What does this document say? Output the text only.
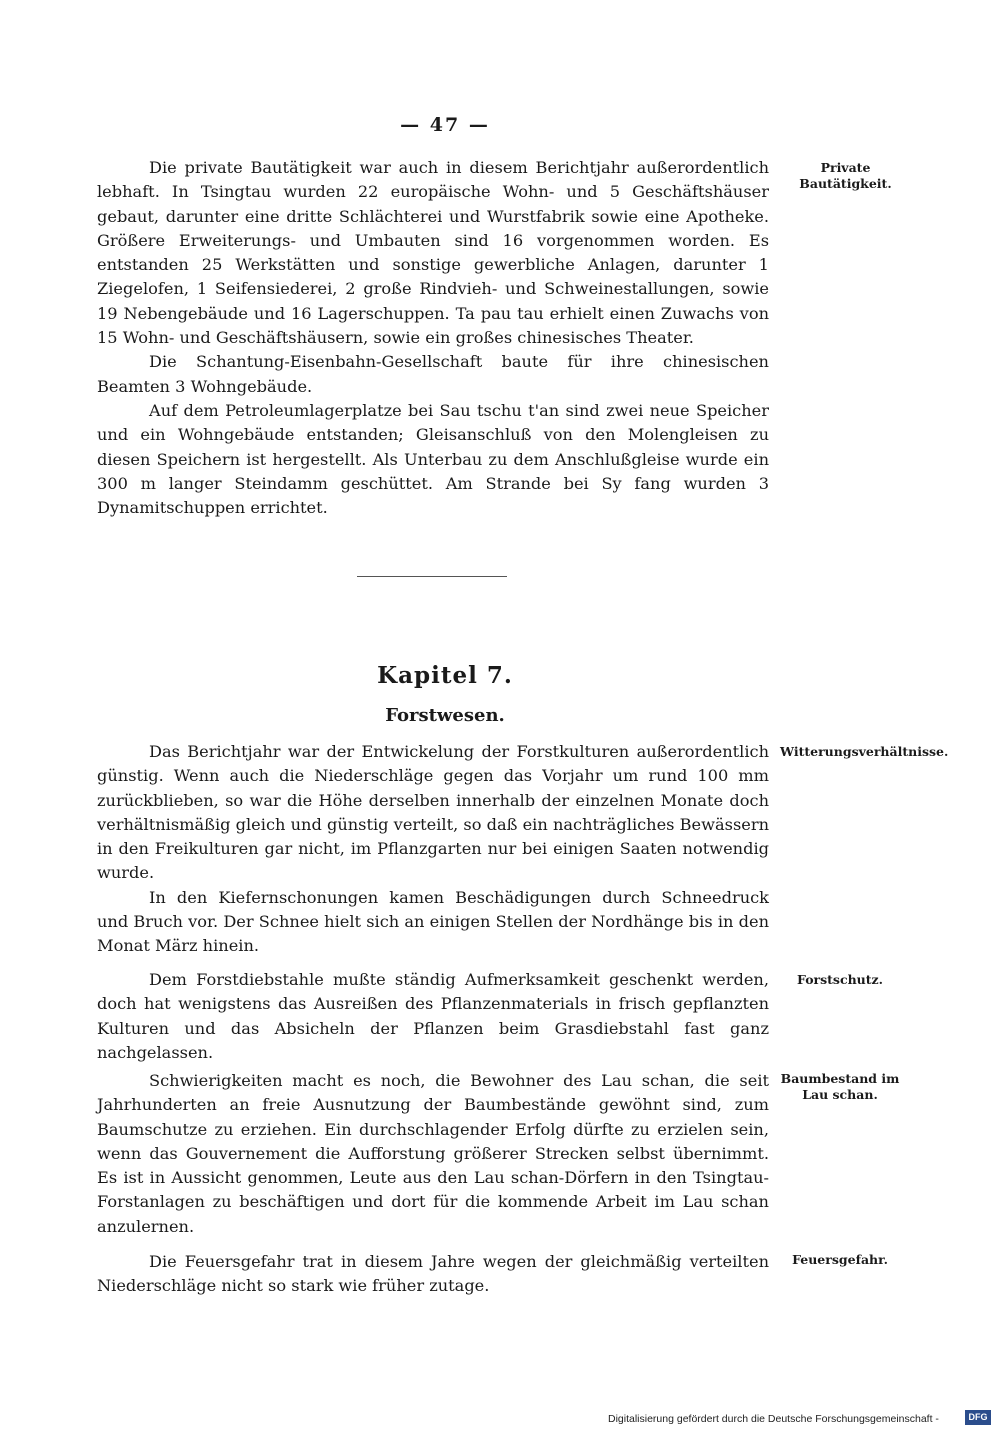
— 47 —

Die private Bautätigkeit war auch in diesem Berichtjahr außerordentlich lebhaft. In Tsingtau wurden 22 europäische Wohn- und 5 Geschäftshäuser gebaut, darunter eine dritte Schlächterei und Wurstfabrik sowie eine Apotheke. Größere Erweiterungs- und Umbauten sind 16 vorgenommen worden. Es entstanden 25 Werkstätten und sonstige gewerbliche Anlagen, darunter 1 Ziegelofen, 1 Seifensiederei, 2 große Rindvieh- und Schweinestallungen, sowie 19 Nebengebäude und 16 Lagerschuppen. Ta pau tau erhielt einen Zuwachs von 15 Wohn- und Geschäftshäusern, sowie ein großes chinesisches Theater.

Die Schantung-Eisenbahn-Gesellschaft baute für ihre chinesischen Beamten 3 Wohngebäude.

Auf dem Petroleumlagerplatze bei Sau tschu t'an sind zwei neue Speicher und ein Wohngebäude entstanden; Gleisanschluß von den Molengleisen zu diesen Speichern ist hergestellt. Als Unterbau zu dem Anschlußgleise wurde ein 300 m langer Steindamm geschüttet. Am Strande bei Sy fang wurden 3 Dynamitschuppen errichtet.

Private Bautätigkeit.
Kapitel 7.
Forstwesen.

Das Berichtjahr war der Entwickelung der Forstkulturen außerordentlich günstig. Wenn auch die Niederschläge gegen das Vorjahr um rund 100 mm zurückblieben, so war die Höhe derselben innerhalb der einzelnen Monate doch verhältnismäßig gleich und günstig verteilt, so daß ein nachträgliches Bewässern in den Freikulturen gar nicht, im Pflanzgarten nur bei einigen Saaten notwendig wurde.

In den Kiefernschonungen kamen Beschädigungen durch Schneedruck und Bruch vor. Der Schnee hielt sich an einigen Stellen der Nordhänge bis in den Monat März hinein.

Witterungsverhältnisse.

Dem Forstdiebstahle mußte ständig Aufmerksamkeit geschenkt werden, doch hat wenigstens das Ausreißen des Pflanzenmaterials in frisch gepflanzten Kulturen und das Absicheln der Pflanzen beim Grasdiebstahl fast ganz nachgelassen.

Forstschutz.

Schwierigkeiten macht es noch, die Bewohner des Lau schan, die seit Jahrhunderten an freie Ausnutzung der Baumbestände gewöhnt sind, zum Baumschutze zu erziehen. Ein durchschlagender Erfolg dürfte zu erzielen sein, wenn das Gouvernement die Aufforstung größerer Strecken selbst übernimmt. Es ist in Aussicht genommen, Leute aus den Lau schan-Dörfern in den Tsingtau-Forstanlagen zu beschäftigen und dort für die kommende Arbeit im Lau schan anzulernen.

Baumbestand im Lau schan.

Die Feuersgefahr trat in diesem Jahre wegen der gleichmäßig verteilten Niederschläge nicht so stark wie früher zutage.

Feuersgefahr.
Digitalisierung gefördert durch die Deutsche Forschungsgemeinschaft -	DFG
